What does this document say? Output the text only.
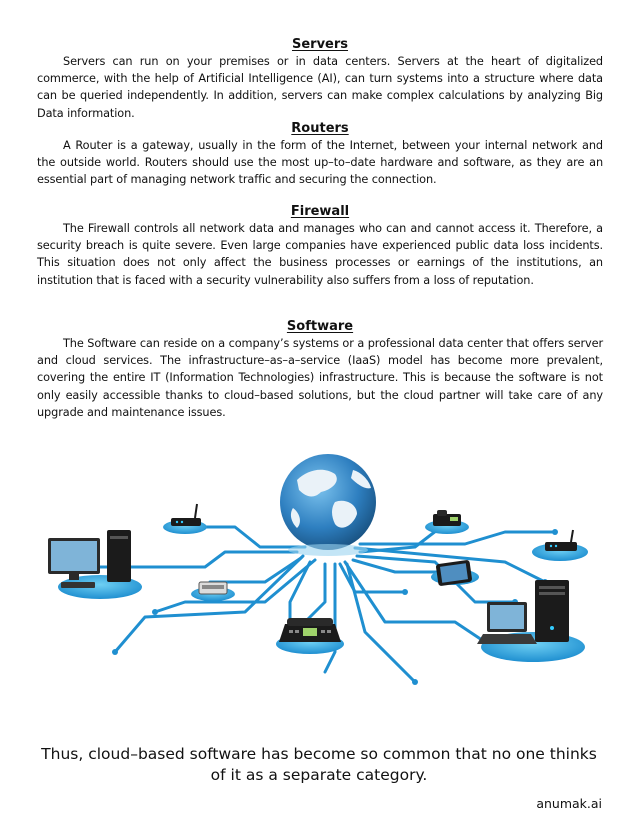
Servers

Servers can run on your premises or in data centers. Servers at the heart of digitalized commerce, with the help of Artificial Intelligence (AI), can turn systems into a structure where data can be queried independently. In addition, servers can make complex calculations by analyzing Big Data information.

Routers

A Router is a gateway, usually in the form of the Internet, between your internal network and the outside world. Routers should use the most up–to–date hardware and software, as they are an essential part of managing network traffic and securing the connection.

Firewall

The Firewall controls all network data and manages who can and cannot access it. Therefore, a security breach is quite severe. Even large companies have experienced public data loss incidents. This situation does not only affect the business processes or earnings of the institutions, an institution that is faced with a security vulnerability also suffers from a loss of reputation.

Software

The Software can reside on a company’s systems or a professional data center that offers server and cloud services. The infrastructure–as–a–service (IaaS) model has become more prevalent, covering the entire IT (Information Technologies) infrastructure. This is because the software is not only easily accessible thanks to cloud–based solutions, but the cloud partner will take care of any upgrade and maintenance issues.

Thus, cloud–based software has become so common that no one thinks of it as a separate category.
anumak.ai
